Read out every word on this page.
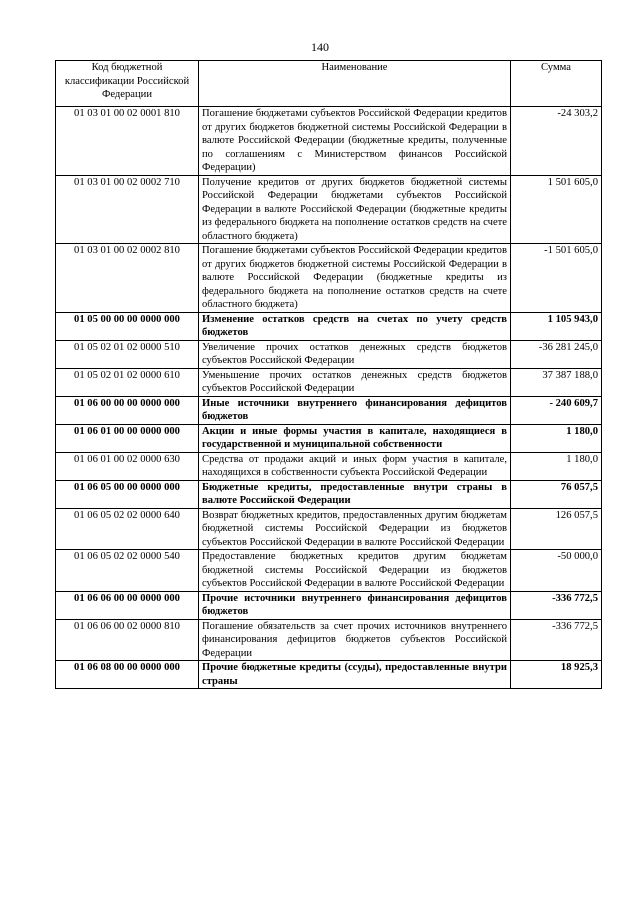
140
Код бюджетной классификации Российской Федерации	Наименование	Сумма
01 03 01 00 02 0001 810	Погашение бюджетами субъектов Российской Федерации кредитов от других бюджетов бюджетной системы Российской Федерации в валюте Российской Федерации (бюджетные кредиты, полученные по соглашениям с Министерством финансов Российской Федерации)	-24 303,2
01 03 01 00 02 0002 710	Получение кредитов от других бюджетов бюджетной системы Российской Федерации бюджетами субъектов Российской Федерации в валюте Российской Федерации (бюджетные кредиты из федерального бюджета на пополнение остатков средств на счете областного бюджета)	1 501 605,0
01 03 01 00 02 0002 810	Погашение бюджетами субъектов Российской Федерации кредитов от других бюджетов бюджетной системы Российской Федерации в валюте Российской Федерации (бюджетные кредиты из федерального бюджета на пополнение остатков средств на счете областного бюджета)	-1 501 605,0
01 05 00 00 00 0000 000	Изменение остатков средств на счетах по учету средств бюджетов	1 105 943,0
01 05 02 01 02 0000 510	Увеличение прочих остатков денежных средств бюджетов субъектов Российской Федерации	-36 281 245,0
01 05 02 01 02 0000 610	Уменьшение прочих остатков денежных средств бюджетов субъектов Российской Федерации	37 387 188,0
01 06 00 00 00 0000 000	Иные источники внутреннего финансирования дефицитов бюджетов	- 240 609,7
01 06 01 00 00 0000 000	Акции и иные формы участия в капитале, находящиеся в государственной и муниципальной собственности	1 180,0
01 06 01 00 02 0000 630	Средства от продажи акций и иных форм участия в капитале, находящихся в собственности субъекта Российской Федерации	1 180,0
01 06 05 00 00 0000 000	Бюджетные кредиты, предоставленные внутри страны в валюте Российской Федерации	76 057,5
01 06 05 02 02 0000 640	Возврат бюджетных кредитов, предоставленных другим бюджетам бюджетной системы Российской Федерации из бюджетов субъектов Российской Федерации в валюте Российской Федерации	126 057,5
01 06 05 02 02 0000 540	Предоставление бюджетных кредитов другим бюджетам бюджетной системы Российской Федерации из бюджетов субъектов Российской Федерации в валюте Российской Федерации	-50 000,0
01 06 06 00 00 0000 000	Прочие источники внутреннего финансирования дефицитов бюджетов	-336 772,5
01 06 06 00 02 0000 810	Погашение обязательств за счет прочих источников внутреннего финансирования дефицитов бюджетов субъектов Российской Федерации	-336 772,5
01 06 08 00 00 0000 000	Прочие бюджетные кредиты (ссуды), предоставленные внутри страны	18 925,3
